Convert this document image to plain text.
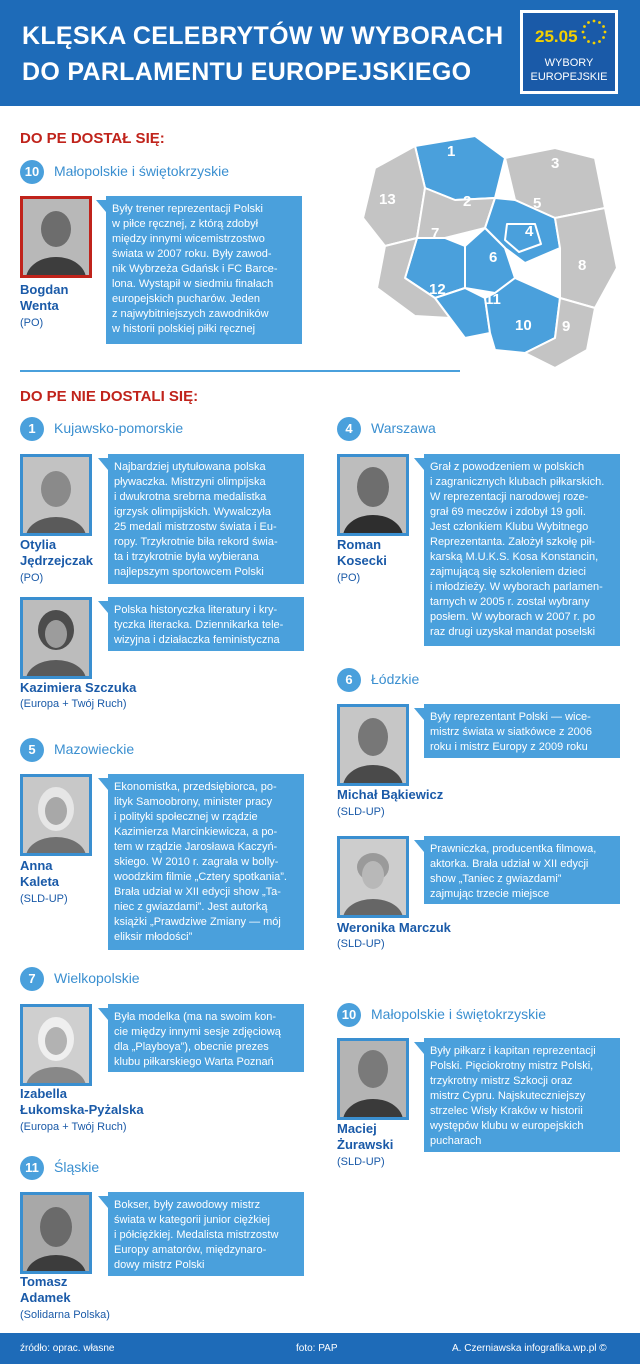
KLĘSKA CELEBRYTÓW W WYBORACH
DO PARLAMENTU EUROPEJSKIEGO
25.05
WYBORY
EUROPEJSKIE
DO PE DOSTAŁ SIĘ:
10	Małopolskie i świętokrzyskie
Bogdan
Wenta
(PO)
Były trener reprezentacji Polski
w piłce ręcznej, z którą zdobył
między innymi wicemistrzostwo
świata w 2007 roku. Były zawod-
nik Wybrzeża Gdańsk i FC Barce-
lona. Wystąpił w siedmiu finałach
europejskich pucharów. Jeden
z najwybitniejszych zawodników
w historii polskiej piłki ręcznej
1
2
3
4
5
6
7
8
9
10
11
12
13
DO PE NIE DOSTALI SIĘ:
1	Kujawsko-pomorskie
Otylia
Jędrzejczak
(PO)
Najbardziej utytułowana polska
pływaczka. Mistrzyni olimpijska
i dwukrotna srebrna medalistka
igrzysk olimpijskich. Wywalczyła
25 medali mistrzostw świata i Eu-
ropy. Trzykrotnie biła rekord świa-
ta i trzykrotnie była wybierana
najlepszym sportowcem Polski
Kazimiera Szczuka
(Europa + Twój Ruch)
Polska historyczka literatury i kry-
tyczka literacka. Dziennikarka tele-
wizyjna i działaczka feministyczna
5	Mazowieckie
Anna
Kaleta
(SLD-UP)
Ekonomistka, przedsiębiorca, po-
lityk Samoobrony, minister pracy
i polityki społecznej w rządzie
Kazimierza Marcinkiewicza, a po-
tem w rządzie Jarosława Kaczyń-
skiego. W 2010 r. zagrała w bolly-
woodzkim filmie „Cztery spotkania”.
Brała udział w XII edycji show „Ta-
niec z gwiazdami”. Jest autorką
książki „Prawdziwe Zmiany — mój
eliksir młodości”
7	Wielkopolskie
Izabella
Łukomska-Pyżalska
(Europa + Twój Ruch)
Była modelka (ma na swoim kon-
cie między innymi sesje zdjęciową
dla „Playboya”), obecnie prezes
klubu piłkarskiego Warta Poznań
11	Śląskie
Tomasz
Adamek
(Solidarna Polska)
Bokser, były zawodowy mistrz
świata w kategorii junior ciężkiej
i półciężkiej. Medalista mistrzostw
Europy amatorów, międzynaro-
dowy mistrz Polski
4	Warszawa
Roman
Kosecki
(PO)
Grał z powodzeniem w polskich
i zagranicznych klubach piłkarskich.
W reprezentacji narodowej roze-
grał 69 meczów i zdobył 19 goli.
Jest członkiem Klubu Wybitnego
Reprezentanta. Założył szkołę pił-
karską M.U.K.S. Kosa Konstancin,
zajmującą się szkoleniem dzieci
i młodzieży. W wyborach parlamen-
tarnych w 2005 r. został wybrany
posłem. W wyborach w 2007 r. po
raz drugi uzyskał mandat poselski
6	Łódzkie
Michał Bąkiewicz
(SLD-UP)
Były reprezentant Polski — wice-
mistrz świata w siatkówce z 2006
roku i mistrz Europy z 2009 roku
Weronika Marczuk
(SLD-UP)
Prawniczka, producentka filmowa,
aktorka. Brała udział w XII edycji
show „Taniec z gwiazdami”
zajmując trzecie miejsce
10	Małopolskie i świętokrzyskie
Maciej
Żurawski
(SLD-UP)
Były piłkarz i kapitan reprezentacji
Polski. Pięciokrotny mistrz Polski,
trzykrotny mistrz Szkocji oraz
mistrz Cypru. Najskuteczniejszy
strzelec Wisły Kraków w historii
występów klubu w europejskich
pucharach
źródło: oprac. własne	foto: PAP	A. Czerniawska infografika.wp.pl ©
